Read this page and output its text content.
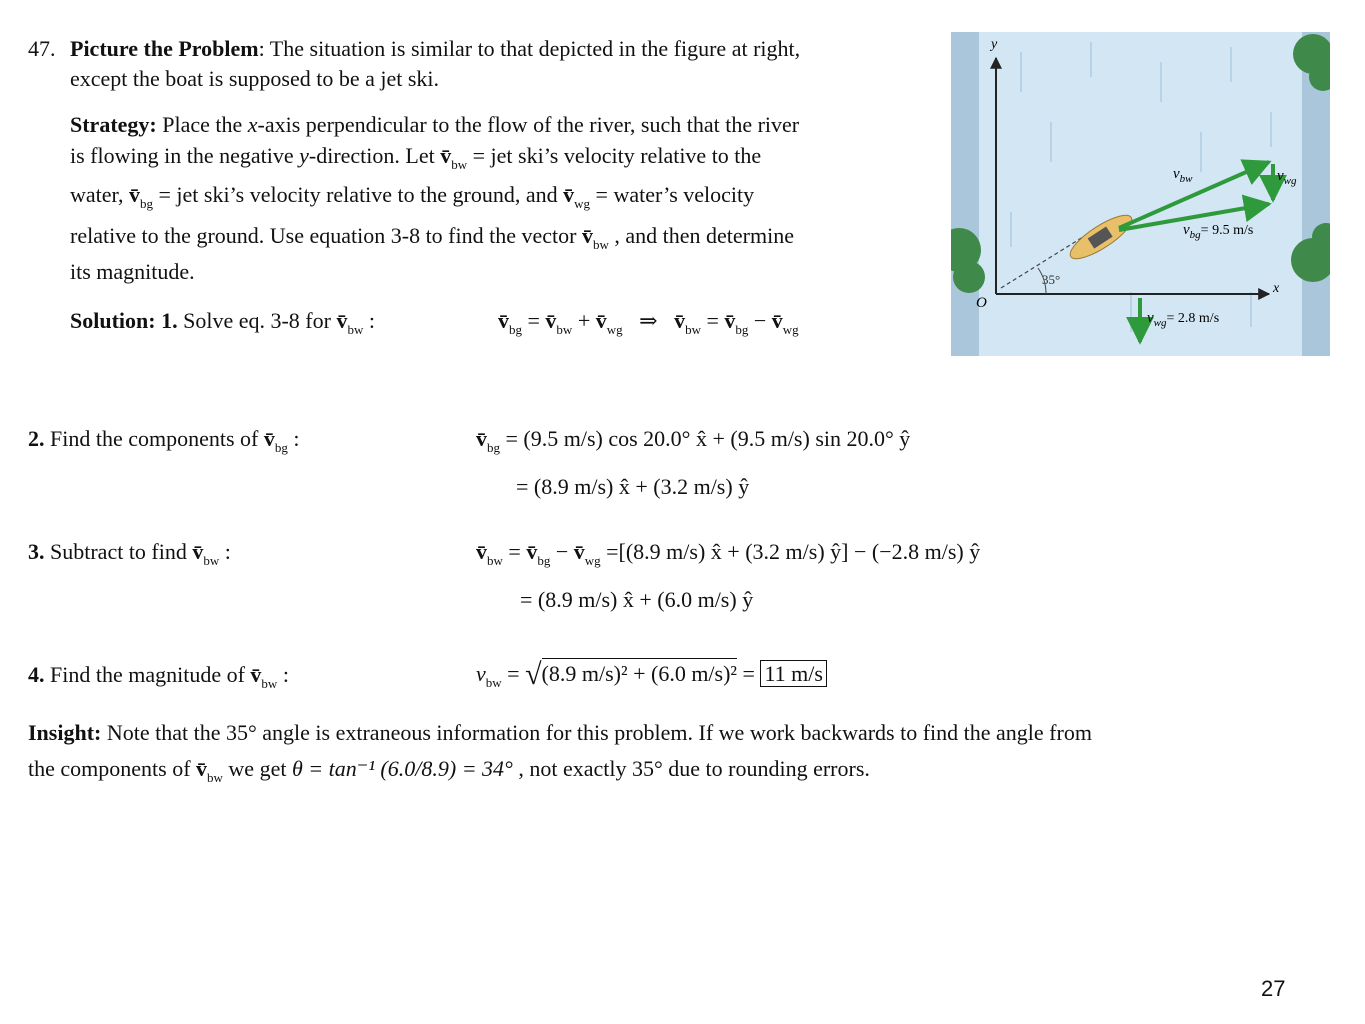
47. Picture the Problem: The situation is similar to that depicted in the figure at right,
except the boat is supposed to be a jet ski.
Strategy: Place the x-axis perpendicular to the flow of the river, such that the river
is flowing in the negative y-direction. Let $v̄_{bw}$ = jet ski’s velocity relative to the
water, $v̄_{bg}$ = jet ski’s velocity relative to the ground, and $v̄_{wg}$ = water’s velocity
relative to the ground. Use equation 3-8 to find the vector $v̄_{bw}$ , and then determine
its magnitude.
Solution: 1. Solve eq. 3-8 for $v̄_{bw}$ :	$v̄_{bg}$ = $v̄_{bw}$ + $v̄_{wg}$ ⇒ $v̄_{bw}$ = $v̄_{bg}$ − $v̄_{wg}$
2. Find the components of $v̄_{bg}$ :	$v̄_{bg} = (9.5$ m/s) cos 20.0° x̂ + (9.5 m/s) sin 20.0° ŷ
= (8.9 m/s) x̂ + (3.2 m/s) ŷ
3. Subtract to find $v̄_{bw}$ :	$v̄_{bw}$ = $v̄_{bg}$ − $v̄_{wg} =[(8.9$ m/s) x̂ + (3.2 m/s) ŷ] − (−2.8 m/s) ŷ
= (8.9 m/s) x̂ + (6.0 m/s) ŷ
4. Find the magnitude of $v̄_{bw}$ :	$v_{bw} = √(8.9$ m/s)² + (6.0 m/s)² = 11 m/s
Insight: Note that the 35° angle is extraneous information for this problem. If we work backwards to find the angle from
the components of $v̄_{bw}$ we get θ = tan⁻¹ (6.0/8.9) = 34° , not exactly 35° due to rounding errors.
y
x
O
35°
$v_{bw}$	$v_{wg}$
$v_{bg}= 9.5$ m/s
$v_{wg}= 2.8$ m/s
27
